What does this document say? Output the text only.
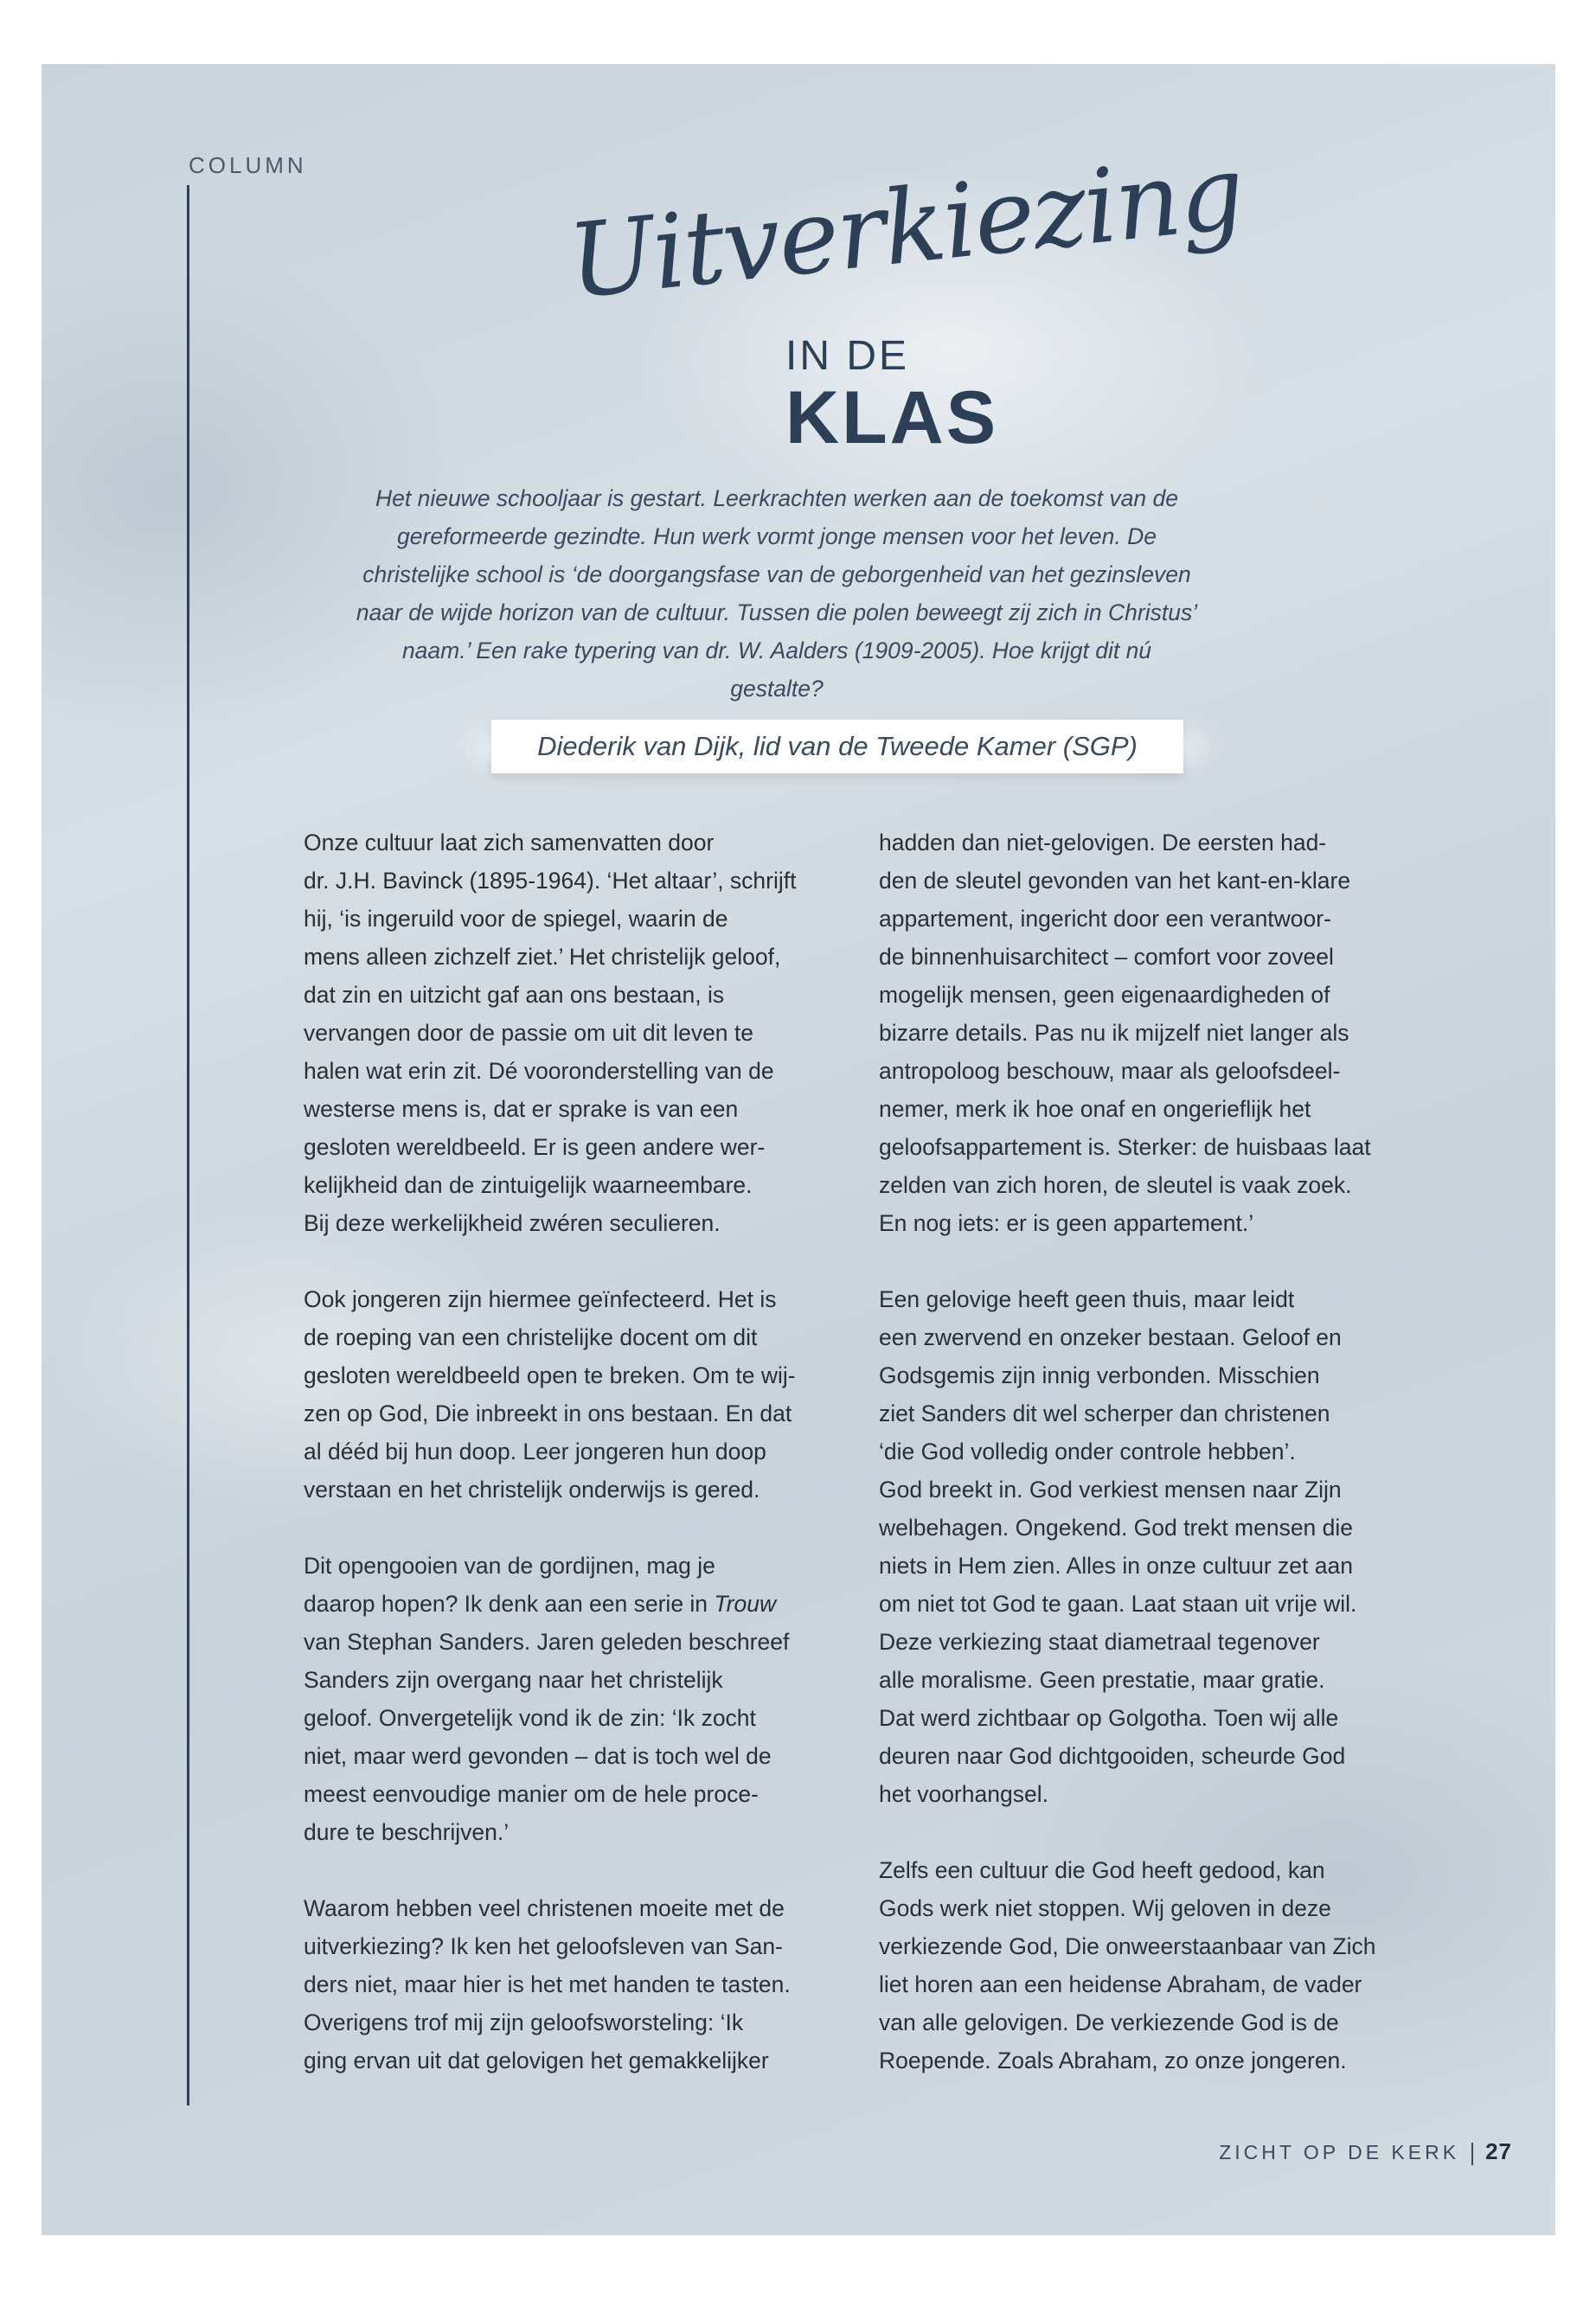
COLUMN	Uitverkiezing
IN DE
KLAS
Het nieuwe schooljaar is gestart. Leerkrachten werken aan de toekomst van de gereformeerde gezindte. Hun werk vormt jonge mensen voor het leven. De christelijke school is ‘de doorgangsfase van de geborgenheid van het gezinsleven naar de wijde horizon van de cultuur. Tussen die polen beweegt zij zich in Christus’ naam.’ Een rake typering van dr. W. Aalders (1909-2005). Hoe krijgt dit nú gestalte?
Diederik van Dijk, lid van de Tweede Kamer (SGP)

Onze cultuur laat zich samenvatten door
dr. J.H. Bavinck (1895-1964). ‘Het altaar’, schrijft
hij, ‘is ingeruild voor de spiegel, waarin de
mens alleen zichzelf ziet.’ Het christelijk geloof,
dat zin en uitzicht gaf aan ons bestaan, is
vervangen door de passie om uit dit leven te
halen wat erin zit. Dé vooronderstelling van de
westerse mens is, dat er sprake is van een
gesloten wereldbeeld. Er is geen andere wer-
kelijkheid dan de zintuigelijk waarneembare.
Bij deze werkelijkheid zwéren seculieren.

Ook jongeren zijn hiermee geïnfecteerd. Het is
de roeping van een christelijke docent om dit
gesloten wereldbeeld open te breken. Om te wij-
zen op God, Die inbreekt in ons bestaan. En dat
al dééd bij hun doop. Leer jongeren hun doop
verstaan en het christelijk onderwijs is gered.

Dit opengooien van de gordijnen, mag je
daarop hopen? Ik denk aan een serie in Trouw
van Stephan Sanders. Jaren geleden beschreef
Sanders zijn overgang naar het christelijk
geloof. Onvergetelijk vond ik de zin: ‘Ik zocht
niet, maar werd gevonden – dat is toch wel de
meest eenvoudige manier om de hele proce-
dure te beschrijven.’

Waarom hebben veel christenen moeite met de
uitverkiezing? Ik ken het geloofsleven van San-
ders niet, maar hier is het met handen te tasten.
Overigens trof mij zijn geloofsworsteling: ‘Ik
ging ervan uit dat gelovigen het gemakkelijker

hadden dan niet-gelovigen. De eersten had-
den de sleutel gevonden van het kant-en-klare
appartement, ingericht door een verantwoor-
de binnenhuisarchitect – comfort voor zoveel
mogelijk mensen, geen eigenaardigheden of
bizarre details. Pas nu ik mijzelf niet langer als
antropoloog beschouw, maar als geloofsdeel-
nemer, merk ik hoe onaf en ongerieflijk het
geloofsappartement is. Sterker: de huisbaas laat
zelden van zich horen, de sleutel is vaak zoek.
En nog iets: er is geen appartement.’

Een gelovige heeft geen thuis, maar leidt
een zwervend en onzeker bestaan. Geloof en
Godsgemis zijn innig verbonden. Misschien
ziet Sanders dit wel scherper dan christenen
‘die God volledig onder controle hebben’.
God breekt in. God verkiest mensen naar Zijn
welbehagen. Ongekend. God trekt mensen die
niets in Hem zien. Alles in onze cultuur zet aan
om niet tot God te gaan. Laat staan uit vrije wil.
Deze verkiezing staat diametraal tegenover
alle moralisme. Geen prestatie, maar gratie.
Dat werd zichtbaar op Golgotha. Toen wij alle
deuren naar God dichtgooiden, scheurde God
het voorhangsel.

Zelfs een cultuur die God heeft gedood, kan
Gods werk niet stoppen. Wij geloven in deze
verkiezende God, Die onweerstaanbaar van Zich
liet horen aan een heidense Abraham, de vader
van alle gelovigen. De verkiezende God is de
Roepende. Zoals Abraham, zo onze jongeren.

ZICHT OP DE KERK 27
